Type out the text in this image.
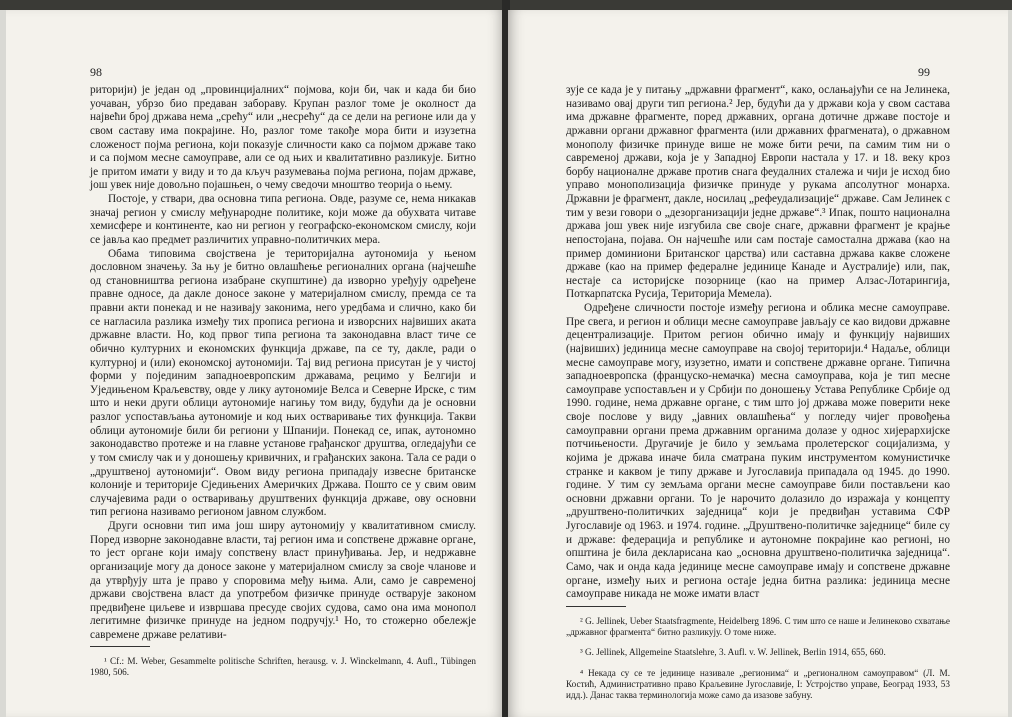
98

риторији) је један од „провинцијалних“ појмова, који би, чак и када би био уочаван, убрзо био предаван забораву. Крупан разлог томе је околност да највећи број држава нема „срећу“ или „несрећу“ да се дели на регионе или да у свом саставу има покрајине. Но, разлог томе такође мора бити и изузетна сложеност појма региона, који показује сличности како са појмом државе тако и са појмом месне самоуправе, али се од њих и квалитативно разликује. Битно је притом имати у виду и то да кључ разумевања појма региона, појам државе, још увек није довољно појашњен, о чему сведочи мноштво теорија о њему.

Постоје, у ствари, два основна типа региона. Овде, разуме се, нема никакав значај регион у смислу међународне политике, који може да обухвата читаве хемисфере и континенте, као ни регион у географско-економском смислу, који се јавља као предмет различитих управно-политичких мера.

Обама типовима својствена је територијална аутономија у њеном дословном значењу. За њу је битно овлашћење регионалних органа (најчешће од становништва региона изабране скупштине) да изворно уређују одређене правне односе, да дакле доносе законе у материјалном смислу, премда се та правни акти понекад и не називају законима, него уредбама и слично, како би се нагласила разлика између тих прописа региона и изворсних највиших аката државне власти. Но, код првог типа региона та законодавна власт тиче се обично културних и економских функција државе, па се ту, дакле, ради о културној и (или) економској аутономији. Тај вид региона присутан је у чистој форми у појединим западноевропским државама, рецимо у Белгији и Уједињеном Краљевству, овде у лику аутономије Велса и Северне Ирске, с тим што и неки други облици аутономије нагињу том виду, будући да је основни разлог успостављања аутономије и код њих остваривање тих функција. Такви облици аутономије били би региони у Шпанији. Понекад се, ипак, аутономно законодавство протеже и на главне установе грађанског друштва, огледајући се у том смислу чак и у доношењу кривичних, и грађанских закона. Тала се ради о „друштвеној аутономији“. Овом виду региона припадају извесне британске колоније и територије Сједињених Америчких Држава. Пошто се у свим овим случајевима ради о остваривању друштвених функција државе, ову основни тип региона називамо регионом јавном службом.

Други основни тип има још ширу аутономију у квалитативном смислу. Поред изворне законодавне власти, тај регион има и сопствене државне органе, то јест органе који имају сопствену власт принуђивања. Јер, и недржавне организације могу да доносе законе у материјалном смислу за своје чланове и да утврђују шта је право у споровима међу њима. Али, само је савременој држави својствена власт да употребом физичке принуде остварује законом предвиђене циљеве и извршава пресуде својих судова, само она има монопол легитимне физичке принуде на једном подручју.¹ Но, то стожерно обележје савремене државе релативи-

¹ Cf.: M. Weber, Gesammelte politische Schriften, herausg. v. J. Winckelmann, 4. Aufl., Tübingen 1980, 506.

99

зује се када је у питању „државни фрагмент“, како, ослањајући се на Јелинека, називамо овај други тип региона.² Јер, будући да у држави која у свом састава има државне фрагменте, поред државних, органа дотичне државе постоје и државни органи државног фрагмента (или државних фрагмената), о државном монополу физичке принуде више не може бити речи, па самим тим ни о савременој држави, која је у Западној Европи настала у 17. и 18. веку кроз борбу националне државе против снага феудалних сталежа и чији је исход био управо монополизација физичке принуде у рукама апсолутног монарха. Државни је фрагмент, дакле, носилац „рефеудализације“ државе. Сам Јелинек с тим у вези говори о „дезорганизацији једне државе“.³ Ипак, пошто национална држава још увек није изгубила све своје снаге, државни фрагмент је крајње непостојана, појава. Он најчешће или сам постаје самостална држава (као на пример доминиони Британског царства) или саставна држава какве сложене државе (као на пример федералне јединице Канаде и Аустралије) или, пак, нестаје са историјске позорнице (као на пример Алзас-Лотарингија, Поткарпатска Русија, Територија Мемела).

Одређене сличности постоје између региона и облика месне самоуправе. Пре свега, и регион и облици месне самоуправе јављају се као видови државне децентрализације. Притом регион обично имају и функцију највиших (највиших) јединица месне самоуправе на својој територији.⁴ Надаље, облици месне самоуправе могу, изузетно, имати и сопствене државне органе. Типична западноевропска (француско-немачка) месна самоуправа, која је тип месне самоуправе успостављен и у Србији по доношењу Устава Републике Србије од 1990. године, нема државне органе, с тим што јој држава може поверити неке своје послове у виду „јавних овлашћења“ у погледу чијег провођења самоуправни органи према државним органима долазе у однос хијерархијске потчињености. Другачије је било у земљама пролетерског социјализма, у којима је држава иначе била сматрана пуким инструментом комунистичке странке и каквом је типу државе и Југославија припадала од 1945. до 1990. године. У тим су земљама органи месне самоуправе били постављени као основни државни органи. То је нарочито долазило до изражаја у концепту „друштвено-политичких заједница“ који је предвиђан уставима СФР Југославије од 1963. и 1974. године. „Друштвено-политичке заједнице“ биле су и државе: федерација и републике и аутономне покрајине као регионi, но општина је била декларисана као „основна друштвено-политичка заједница“. Само, чак и онда када јединице месне самоуправе имају и сопствене државне органе, између њих и региона остаје једна битна разлика: јединица месне самоуправе никада не може имати власт

² G. Jellinek, Ueber Staatsfragmente, Heidelberg 1896. С тим што се наше и Јелинеково схватање „државног фрагмента“ битно разликују. О томе ниже.

³ G. Jellinek, Allgemeine Staatslehre, 3. Aufl. v. W. Jellinek, Berlin 1914, 655, 660.

⁴ Некада су се те јединице називале „регионима“ и „регионалном самоуправом“ (Л. М. Костић, Административно право Краљевине Југославије, I: Устројство управе, Београд 1933, 53 идд.). Данас таква терминологија може само да изазове забуну.
